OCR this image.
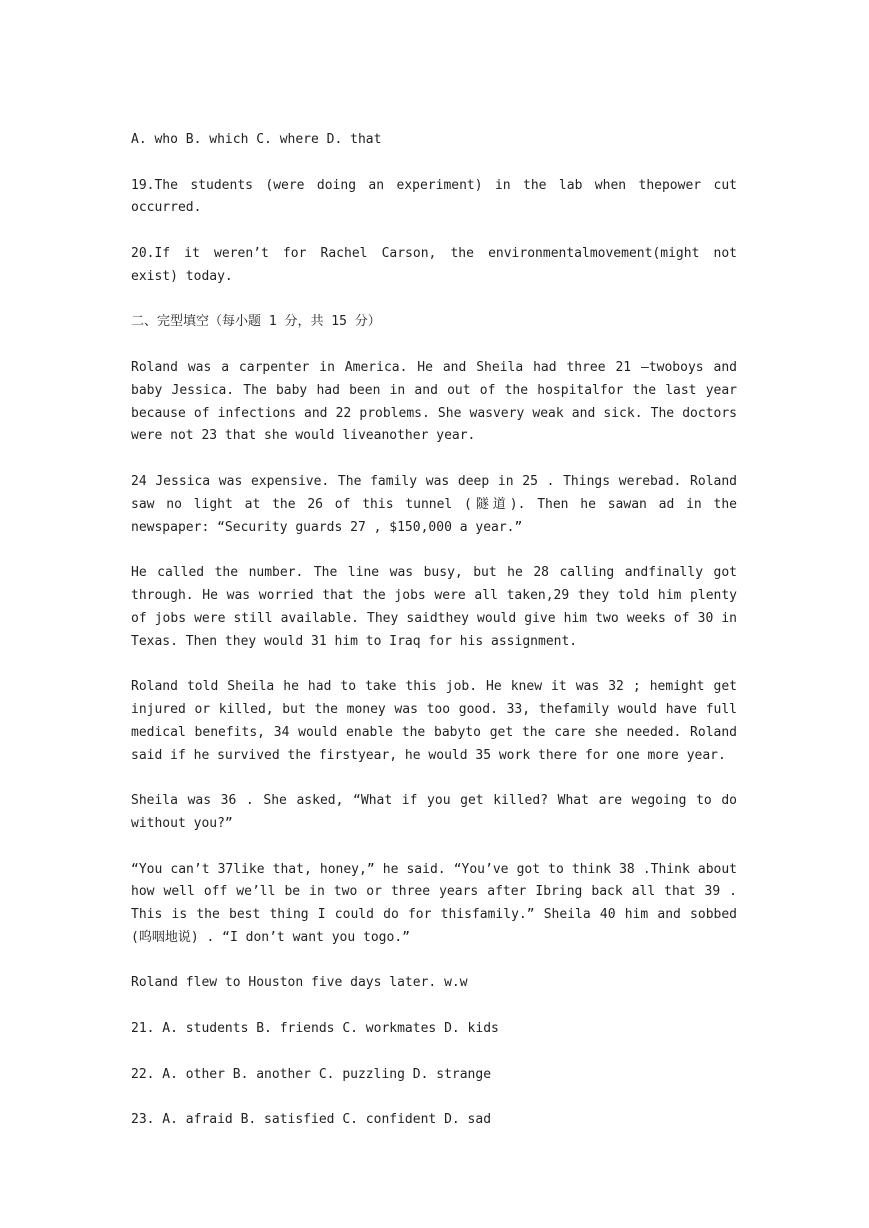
A. who B. which C. where D. that

19.The students (were doing an experiment) in the lab when thepower cut occurred.

20.If it weren’t for Rachel Carson, the environmentalmovement(might not exist) today.

二、完型填空（每小题 1 分，共 15 分）

Roland was a carpenter in America. He and Sheila had three 21 —twoboys and baby Jessica. The baby had been in and out of the hospitalfor the last year because of infections and 22 problems. She wasvery weak and sick. The doctors were not 23 that she would liveanother year.

24 Jessica was expensive. The family was deep in 25 . Things werebad. Roland saw no light at the 26 of this tunnel (隧道). Then he sawan ad in the newspaper: “Security guards 27 , $150,000 a year.”

He called the number. The line was busy, but he 28 calling andfinally got through. He was worried that the jobs were all taken,29 they told him plenty of jobs were still available. They saidthey would give him two weeks of 30 in Texas. Then they would 31 him to Iraq for his assignment.

Roland told Sheila he had to take this job. He knew it was 32 ; hemight get injured or killed, but the money was too good. 33, thefamily would have full medical benefits, 34 would enable the babyto get the care she needed. Roland said if he survived the firstyear, he would 35 work there for one more year.

Sheila was 36 . She asked, “What if you get killed? What are wegoing to do without you?”

“You can’t 37like that, honey,” he said. “You’ve got to think 38 .Think about how well off we’ll be in two or three years after Ibring back all that 39 . This is the best thing I could do for thisfamily.” Sheila 40 him and sobbed (呜咽地说) . “I don’t want you togo.”

Roland flew to Houston five days later. w.w

21. A. students B. friends C. workmates D. kids

22. A. other B. another C. puzzling D. strange

23. A. afraid B. satisfied C. confident D. sad
